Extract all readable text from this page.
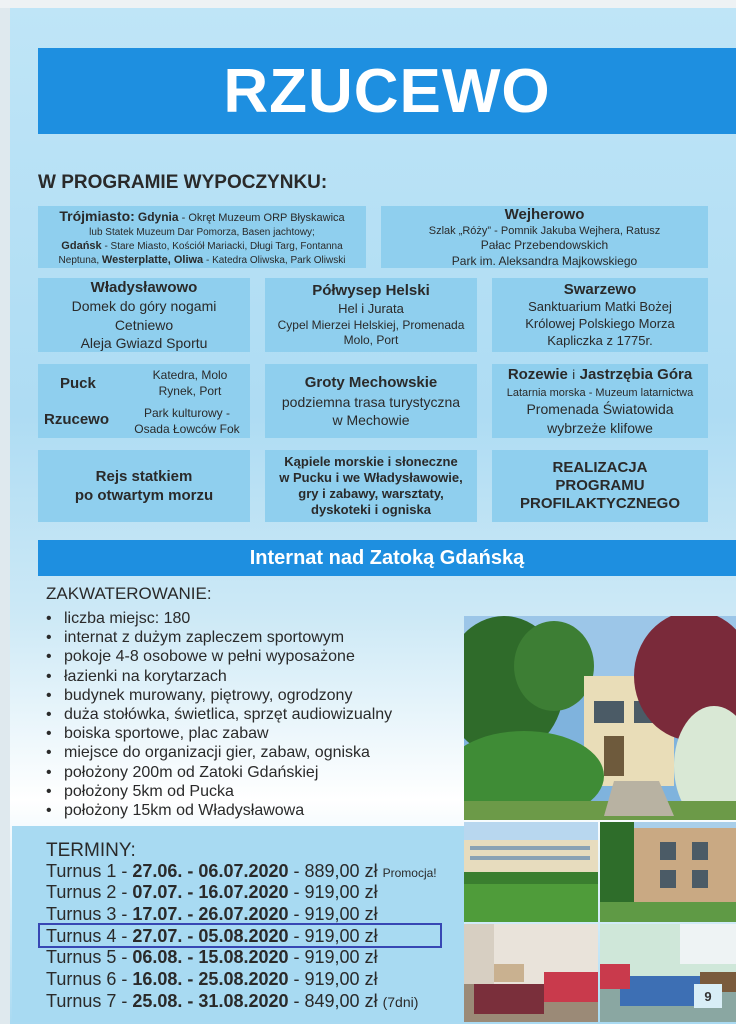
RZUCEWO
W PROGRAMIE WYPOCZYNKU:
Trójmiasto: Gdynia - Okręt Muzeum ORP Błyskawica
lub Statek Muzeum Dar Pomorza, Basen jachtowy;
Gdańsk - Stare Miasto, Kościół Mariacki, Długi Targ, Fontanna
Neptuna, Westerplatte, Oliwa - Katedra Oliwska, Park Oliwski
Wejherowo
Szlak „Róży” - Pomnik Jakuba Wejhera, Ratusz
Pałac Przebendowskich
Park im. Aleksandra Majkowskiego
Władysławowo
Domek do góry nogami
Cetniewo
Aleja Gwiazd Sportu
Półwysep Helski
Hel i Jurata
Cypel Mierzei Helskiej, Promenada
Molo, Port
Swarzewo
Sanktuarium Matki Bożej
Królowej Polskiego Morza
Kapliczka z 1775r.
Puck	Katedra, Molo
Rynek, Port
Rzucewo	Park kulturowy -
Osada Łowców Fok
Groty Mechowskie
podziemna trasa turystyczna
w Mechowie
Rozewie i Jastrzębia Góra
Latarnia morska - Muzeum latarnictwa
Promenada Światowida
wybrzeże klifowe
Rejs statkiem
po otwartym morzu
Kąpiele morskie i słoneczne
w Pucku i we Władysławowie,
gry i zabawy, warsztaty,
dyskoteki i ogniska
REALIZACJA
PROGRAMU
PROFILAKTYCZNEGO
Internat nad Zatoką Gdańską
ZAKWATEROWANIE:
• liczba miejsc: 180
• internat z dużym zapleczem sportowym
• pokoje 4-8 osobowe w pełni wyposażone
• łazienki na korytarzach
• budynek murowany, piętrowy, ogrodzony
• duża stołówka, świetlica, sprzęt audiowizualny
• boiska sportowe, plac zabaw
• miejsce do organizacji gier, zabaw, ogniska
• położony 200m od Zatoki Gdańskiej
• położony 5km od Pucka
• położony 15km od Władysławowa
TERMINY:
Turnus 1 - 27.06. - 06.07.2020 - 889,00 zł Promocja!
Turnus 2 - 07.07. - 16.07.2020 - 919,00 zł
Turnus 3 - 17.07. - 26.07.2020 - 919,00 zł
Turnus 4 - 27.07. - 05.08.2020 - 919,00 zł
Turnus 5 - 06.08. - 15.08.2020 - 919,00 zł
Turnus 6 - 16.08. - 25.08.2020 - 919,00 zł
Turnus 7 - 25.08. - 31.08.2020 - 849,00 zł (7dni)	9
